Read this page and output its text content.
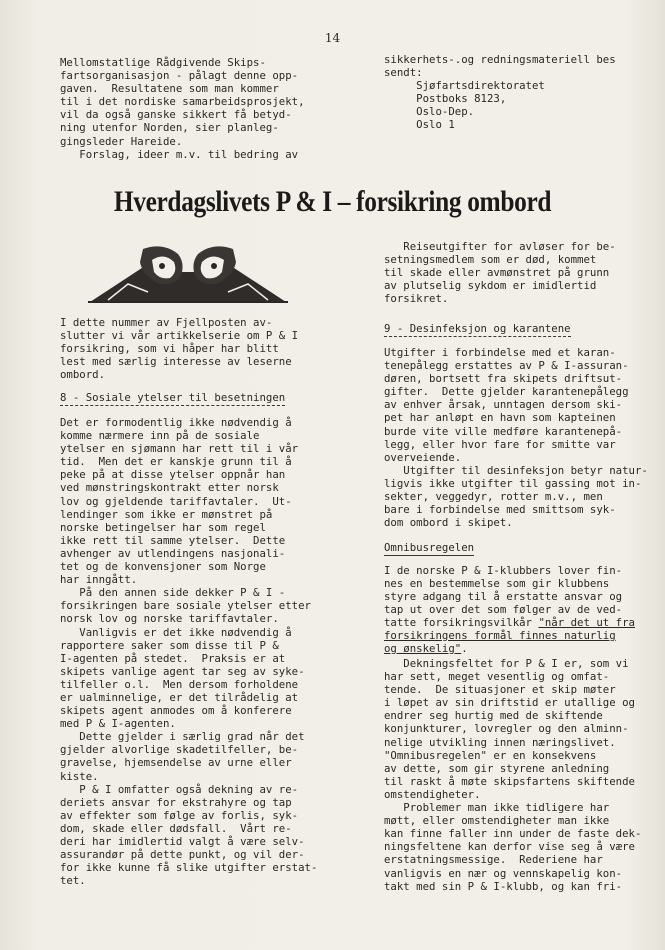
14
Mellomstatlige Rådgivende Skips-
fartsorganisasjon - pålagt denne opp-
gaven.  Resultatene som man kommer
til i det nordiske samarbeidsprosjekt,
vil da også ganske sikkert få betyd-
ning utenfor Norden, sier planleg-
gingsleder Hareide.
Forslag, ideer m.v. til bedring av
sikkerhets-.og redningsmateriell bes
sendt:
Sjøfartsdirektoratet
Postboks 8123,
Oslo-Dep.
Oslo 1
Hverdagslivets P & I – forsikring ombord
I dette nummer av Fjellposten av-
slutter vi vår artikkelserie om P & I
forsikring, som vi håper har blitt
lest med særlig interesse av leserne
ombord.
8 - Sosiale ytelser til besetningen
Det er formodentlig ikke nødvendig å
komme nærmere inn på de sosiale
ytelser en sjømann har rett til i vår
tid.  Men det er kanskje grunn til å
peke på at disse ytelser oppnår han
ved mønstringskontrakt etter norsk
lov og gjeldende tariffavtaler.  Ut-
lendinger som ikke er mønstret på
norske betingelser har som regel
ikke rett til samme ytelser.  Dette
avhenger av utlendingens nasjonali-
tet og de konvensjoner som Norge
har inngått.
På den annen side dekker P & I -
forsikringen bare sosiale ytelser etter
norsk lov og norske tariffavtaler.
Vanligvis er det ikke nødvendig å
rapportere saker som disse til P &
I-agenten på stedet.  Praksis er at
skipets vanlige agent tar seg av syke-
tilfeller o.l.  Men dersom forholdene
er ualminnelige, er det tilrådelig at
skipets agent anmodes om å konferere
med P & I-agenten.
Dette gjelder i særlig grad når det
gjelder alvorlige skadetilfeller, be-
gravelse, hjemsendelse av urne eller
kiste.
P & I omfatter også dekning av re-
deriets ansvar for ekstrahyre og tap
av effekter som følge av forlis, syk-
dom, skade eller dødsfall.  Vårt re-
deri har imidlertid valgt å være selv-
assurandør på dette punkt, og vil der-
for ikke kunne få slike utgifter erstat-
tet.
Reiseutgifter for avløser for be-
setningsmedlem som er død, kommet
til skade eller avmønstret på grunn
av plutselig sykdom er imidlertid
forsikret.
9 - Desinfeksjon og karantene
Utgifter i forbindelse med et karan-
tenepålegg erstattes av P & I-assuran-
døren, bortsett fra skipets driftsut-
gifter.  Dette gjelder karantenepålegg
av enhver årsak, unntagen dersom ski-
pet har anløpt en havn som kapteinen
burde vite ville medføre karantenepå-
legg, eller hvor fare for smitte var
overveiende.
Utgifter til desinfeksjon betyr natur-
ligvis ikke utgifter til gassing mot in-
sekter, veggedyr, rotter m.v., men
bare i forbindelse med smittsom syk-
dom ombord i skipet.
Omnibusregelen
I de norske P & I-klubbers lover fin-
nes en bestemmelse som gir klubbens
styre adgang til å erstatte ansvar og
tap ut over det som følger av de ved-
tatte forsikringsvilkår "når det ut fra
forsikringens formål finnes naturlig
og ønskelig".
Dekningsfeltet for P & I er, som vi
har sett, meget vesentlig og omfat-
tende.  De situasjoner et skip møter
i løpet av sin driftstid er utallige og
endrer seg hurtig med de skiftende
konjunkturer, lovregler og den alminn-
nelige utvikling innen næringslivet.
"Omnibusregelen" er en konsekvens
av dette, som gir styrene anledning
til raskt å møte skipsfartens skiftende
omstendigheter.
Problemer man ikke tidligere har
møtt, eller omstendigheter man ikke
kan finne faller inn under de faste dek-
ningsfeltene kan derfor vise seg å være
erstatningsmessige.  Rederiene har
vanligvis en nær og vennskapelig kon-
takt med sin P & I-klubb, og kan fri-
